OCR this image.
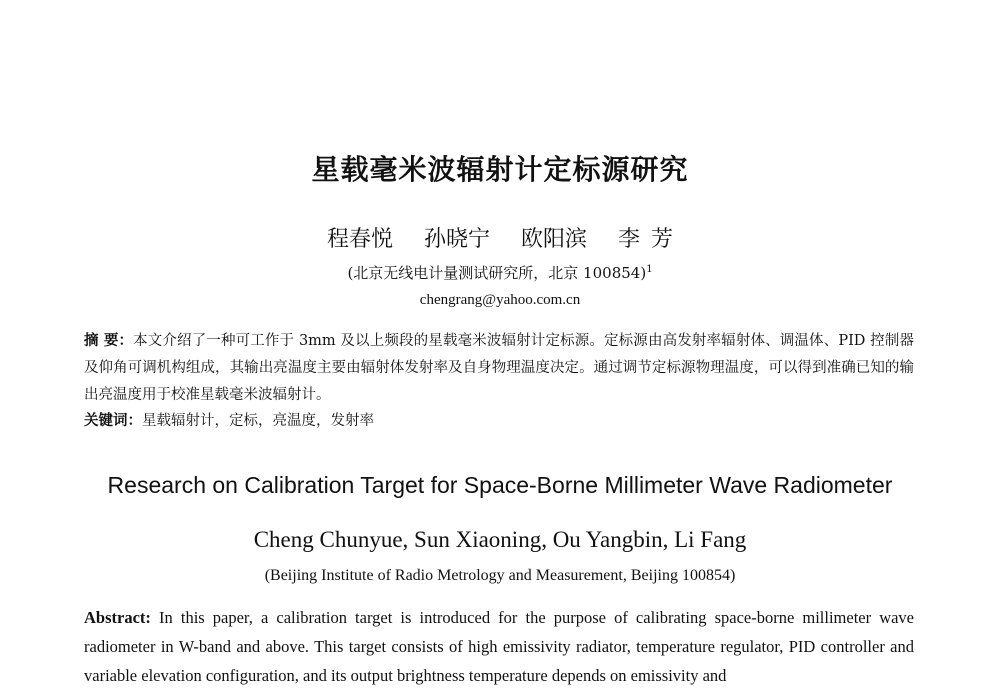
星载毫米波辐射计定标源研究
程春悦 孙晓宁 欧阳滨 李 芳
(北京无线电计量测试研究所，北京 100854)$^1$
chengrang@yahoo.com.cn
摘 要：本文介绍了一种可工作于 3mm 及以上频段的星载毫米波辐射计定标源。定标源由高发射率辐射体、调温体、PID 控制器及仰角可调机构组成，其输出亮温度主要由辐射体发射率及自身物理温度决定。通过调节定标源物理温度，可以得到准确已知的输出亮温度用于校准星载毫米波辐射计。
关键词：星载辐射计，定标，亮温度，发射率
Research on Calibration Target for Space-Borne Millimeter Wave Radiometer
Cheng Chunyue, Sun Xiaoning, Ou Yangbin, Li Fang
(Beijing Institute of Radio Metrology and Measurement, Beijing 100854)
Abstract: In this paper, a calibration target is introduced for the purpose of calibrating space-borne millimeter wave radiometer in W-band and above. This target consists of high emissivity radiator, temperature regulator, PID controller and variable elevation configuration, and its output brightness temperature depends on emissivity and
